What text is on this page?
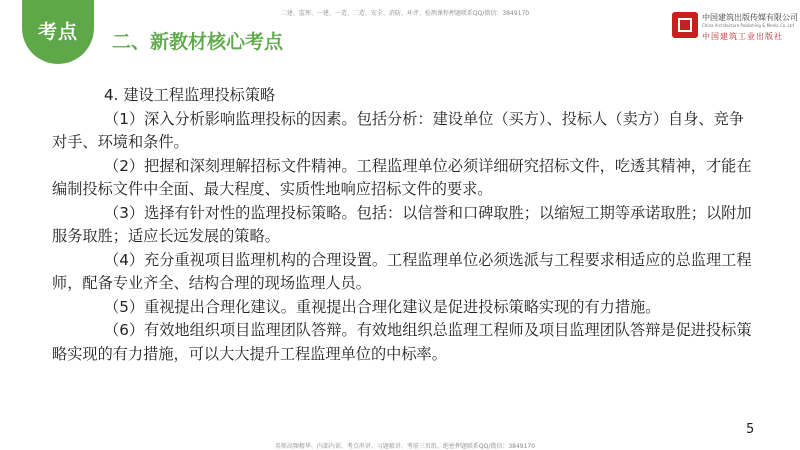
考点 二、新教材核心考点
二建、监理、一建、一造、二造、安全、消防、环评、检测课程押题联系QQ/微信：3849170	中国建筑出版传媒有限公司
China Architecture Publishing & Media Co.,Ltd
中国建筑工业出版社

4. 建设工程监理投标策略

（1）深入分析影响监理投标的因素。包括分析：建设单位（买方）、投标人（卖方）自身、竞争对手、环境和条件。

（2）把握和深刻理解招标文件精神。工程监理单位必须详细研究招标文件，吃透其精神，才能在编制投标文件中全面、最大程度、实质性地响应招标文件的要求。

（3）选择有针对性的监理投标策略。包括：以信誉和口碑取胜；以缩短工期等承诺取胜；以附加服务取胜；适应长远发展的策略。

（4）充分重视项目监理机构的合理设置。工程监理单位必须选派与工程要求相适应的总监理工程师，配备专业齐全、结构合理的现场监理人员。

（5）重视提出合理化建议。重视提出合理化建议是促进投标策略实现的有力措施。

（6）有效地组织项目监理团队答辩。有效地组织总监理工程师及项目监理团队答辩是促进投标策略实现的有力措施，可以大大提升工程监理单位的中标率。

5
名师高频精华、内部内训、考点串讲、习题精讲、考前三页纸、绝密押题联系QQ/微信：3849170
